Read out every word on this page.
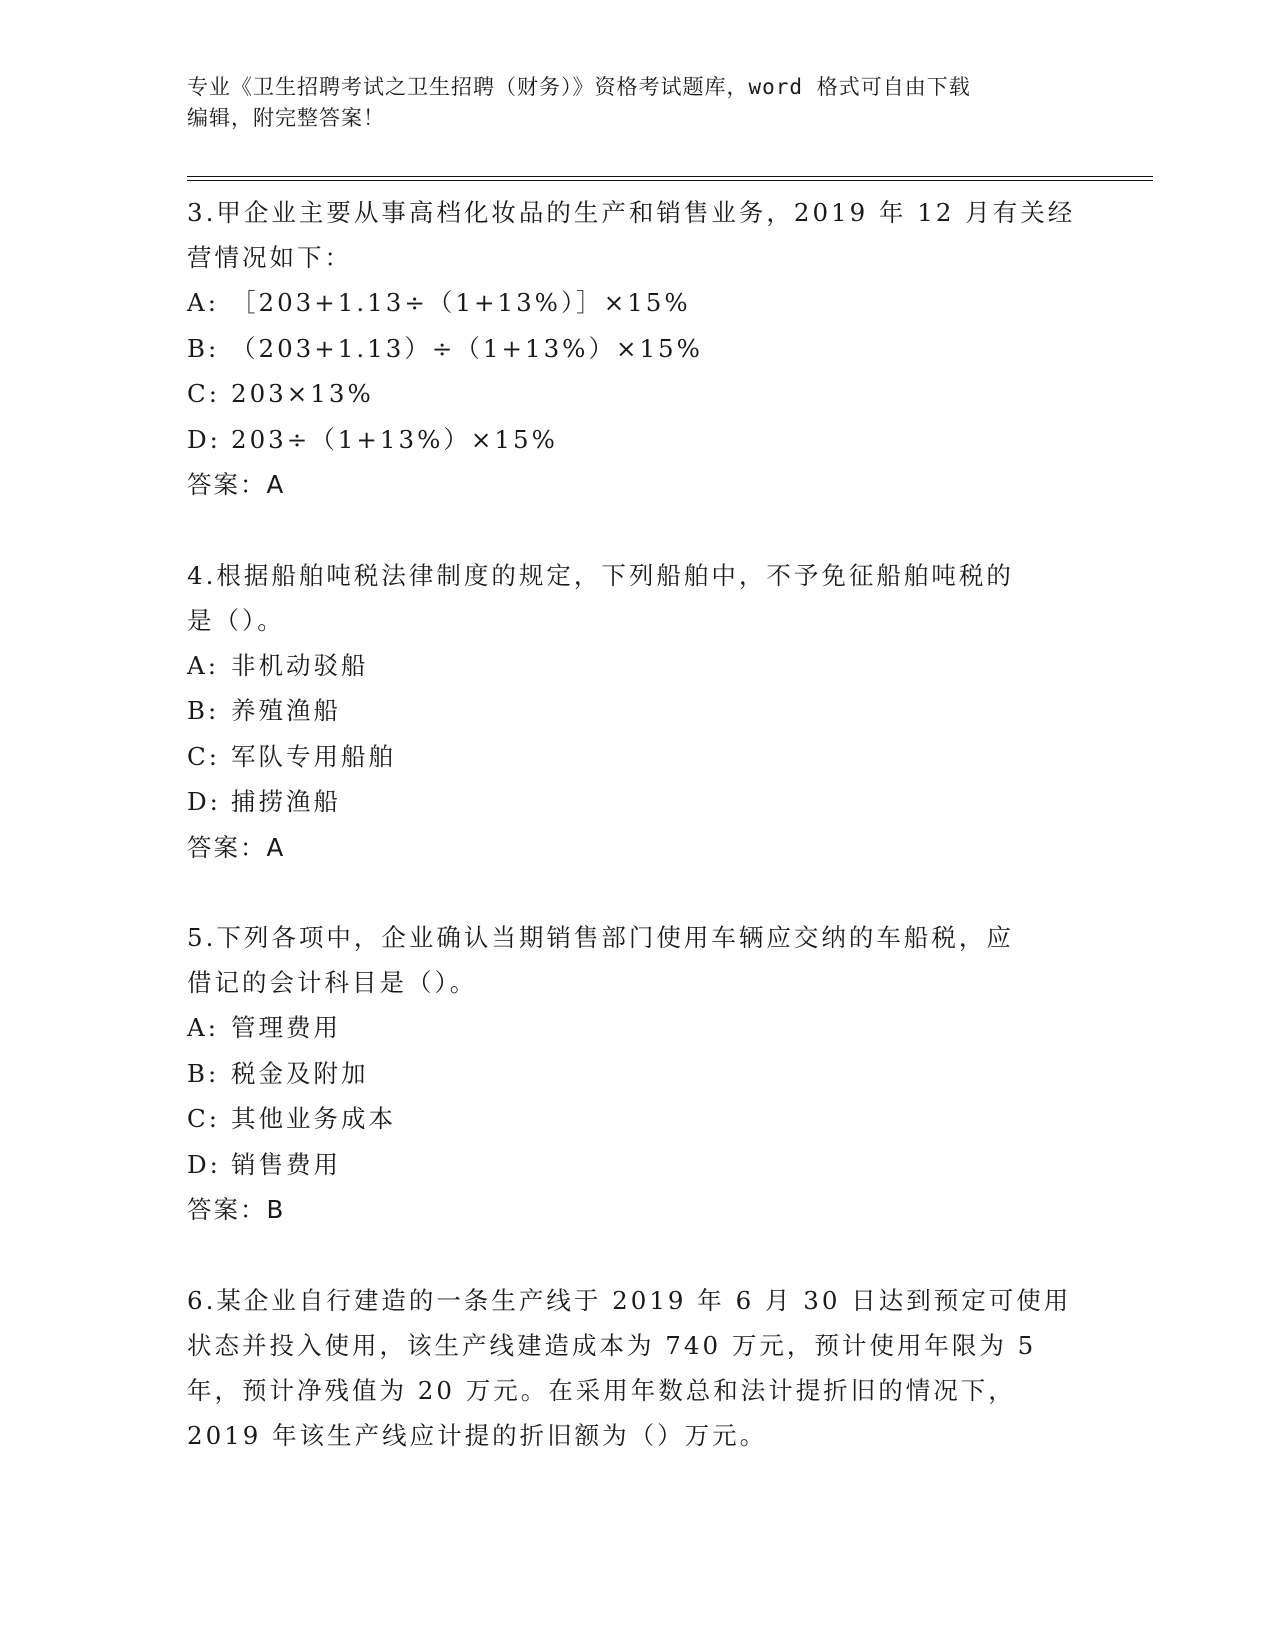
专业《卫生招聘考试之卫生招聘（财务）》资格考试题库，word 格式可自由下载
编辑，附完整答案！
3.甲企业主要从事高档化妆品的生产和销售业务，2019 年 12 月有关经
营情况如下：
A: ［203+1.13÷（1+13%）］×15%
B: （203+1.13）÷（1+13%）×15%
C: 203×13%
D: 203÷（1+13%）×15%
答案：A
4.根据船舶吨税法律制度的规定，下列船舶中，不予免征船舶吨税的
是（）。
A: 非机动驳船
B: 养殖渔船
C: 军队专用船舶
D: 捕捞渔船
答案：A
5.下列各项中，企业确认当期销售部门使用车辆应交纳的车船税，应
借记的会计科目是（）。
A: 管理费用
B: 税金及附加
C: 其他业务成本
D: 销售费用
答案：B
6.某企业自行建造的一条生产线于 2019 年 6 月 30 日达到预定可使用
状态并投入使用，该生产线建造成本为 740 万元，预计使用年限为 5
年，预计净残值为 20 万元。在采用年数总和法计提折旧的情况下，
2019 年该生产线应计提的折旧额为（）万元。
